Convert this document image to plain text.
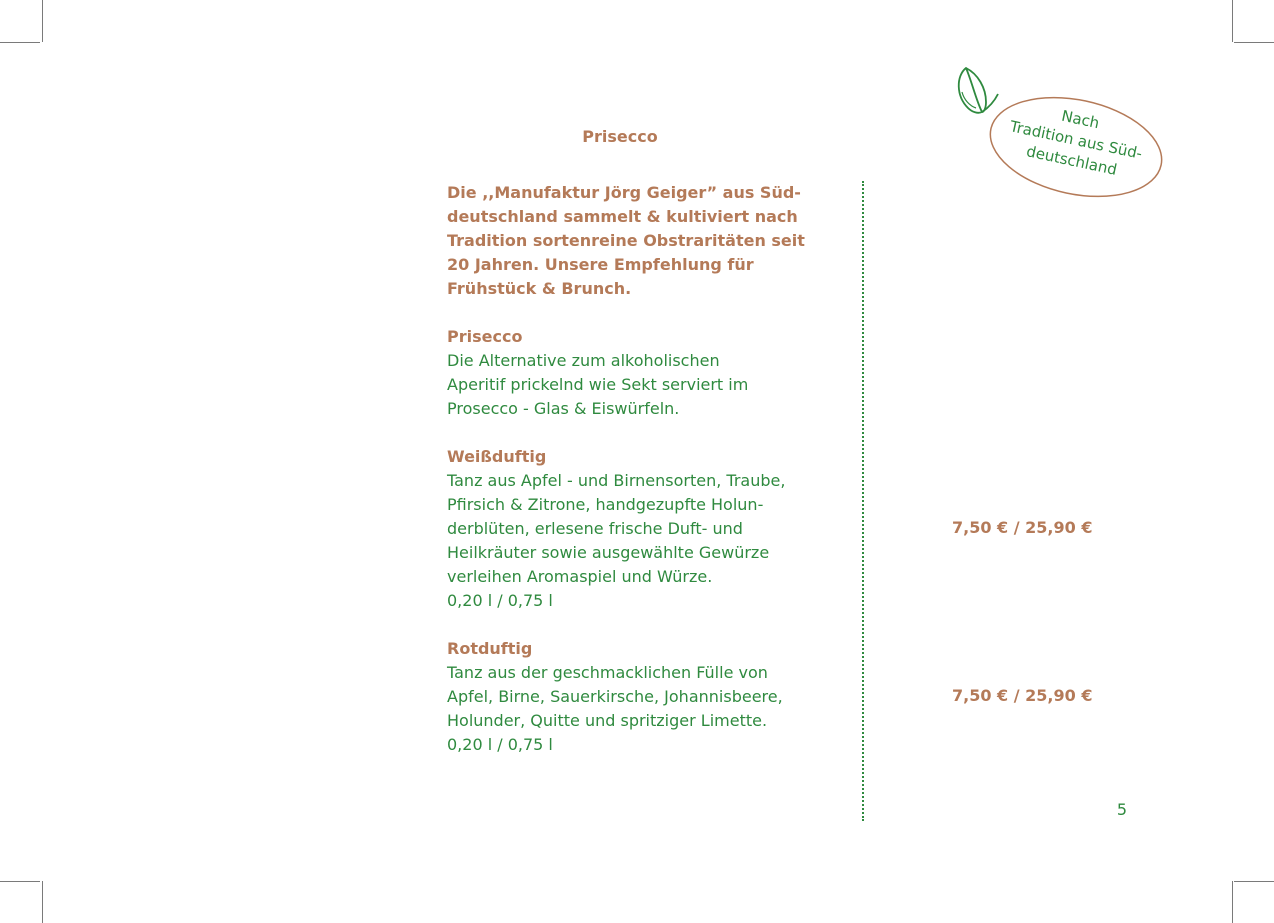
Prisecco
Die ,,Manufaktur Jörg Geiger” aus Süd-
deutschland sammelt & kultiviert nach
Tradition sortenreine Obstraritäten seit
20 Jahren. Unsere Empfehlung für
Frühstück & Brunch.
Prisecco
Die Alternative zum alkoholischen
Aperitif prickelnd wie Sekt serviert im
Prosecco - Glas & Eiswürfeln.
Weißduftig
Tanz aus Apfel - und Birnensorten, Traube,
Pfirsich & Zitrone, handgezupfte Holun-
derblüten, erlesene frische Duft- und
Heilkräuter sowie ausgewählte Gewürze
verleihen Aromaspiel und Würze.
0,20 l / 0,75 l
Rotduftig
Tanz aus der geschmacklichen Fülle von
Apfel, Birne, Sauerkirsche, Johannisbeere,
Holunder, Quitte und spritziger Limette.
0,20 l / 0,75 l
7,50 € / 25,90 €
7,50 € / 25,90 €
Nach
Tradition aus Süd-
deutschland
5
